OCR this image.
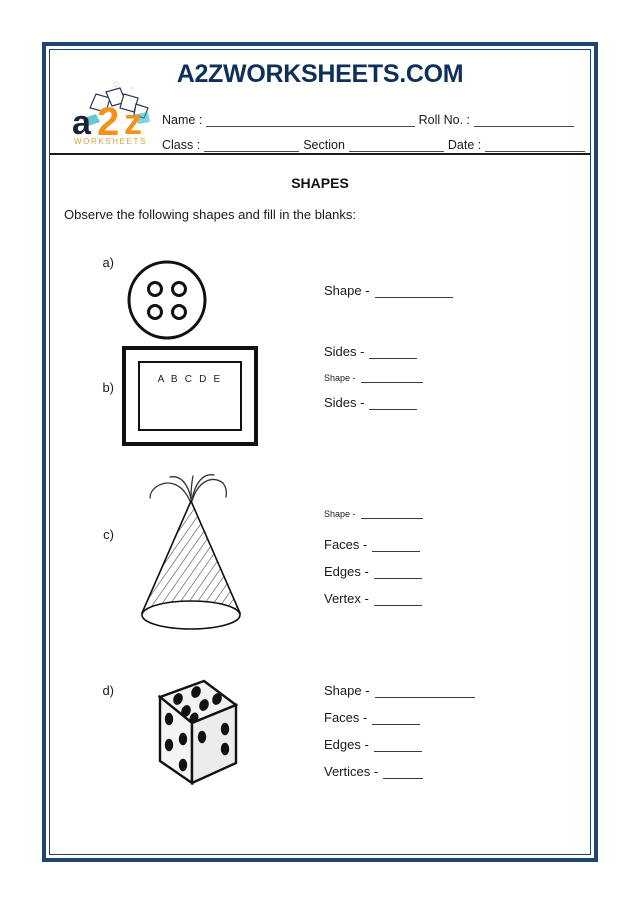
A2ZWORKSHEETS.COM
a 2 z
WORKSHEETS
Name :	Roll No. :
Class :	Section	Date :
SHAPES
Observe the following shapes and fill in the blanks:
a)
Shape -
b)
A B C D E
Sides -
Shape -
Sides -
c)
Shape -
Faces -
Edges -
Vertex -
d)	Shape -
Faces -
Edges -
Vertices -
